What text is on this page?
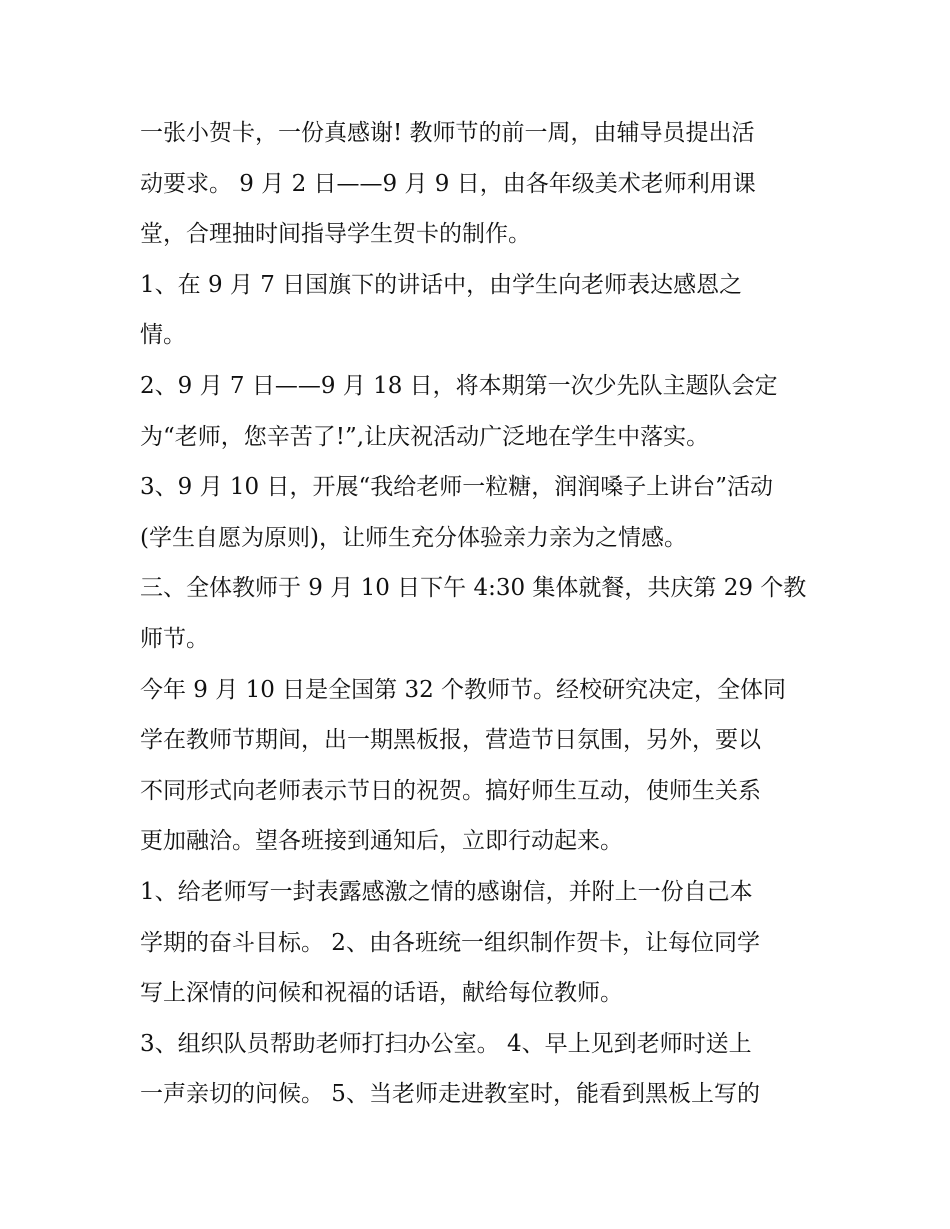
一张小贺卡，一份真感谢! 教师节的前一周，由辅导员提出活
动要求。 9 月 2 日——9 月 9 日，由各年级美术老师利用课
堂，合理抽时间指导学生贺卡的制作。
1、在 9 月 7 日国旗下的讲话中，由学生向老师表达感恩之
情。
2、9 月 7 日——9 月 18 日，将本期第一次少先队主题队会定
为“老师，您辛苦了!”,让庆祝活动广泛地在学生中落实。
3、9 月 10 日，开展“我给老师一粒糖，润润嗓子上讲台”活动
(学生自愿为原则)，让师生充分体验亲力亲为之情感。
三、全体教师于 9 月 10 日下午 4:30 集体就餐，共庆第 29 个教
师节。
今年 9 月 10 日是全国第 32 个教师节。经校研究决定，全体同
学在教师节期间，出一期黑板报，营造节日氛围，另外，要以
不同形式向老师表示节日的祝贺。搞好师生互动，使师生关系
更加融洽。望各班接到通知后，立即行动起来。
1、给老师写一封表露感激之情的感谢信，并附上一份自己本
学期的奋斗目标。 2、由各班统一组织制作贺卡，让每位同学
写上深情的问候和祝福的话语，献给每位教师。
3、组织队员帮助老师打扫办公室。 4、早上见到老师时送上
一声亲切的问候。 5、当老师走进教室时，能看到黑板上写的
